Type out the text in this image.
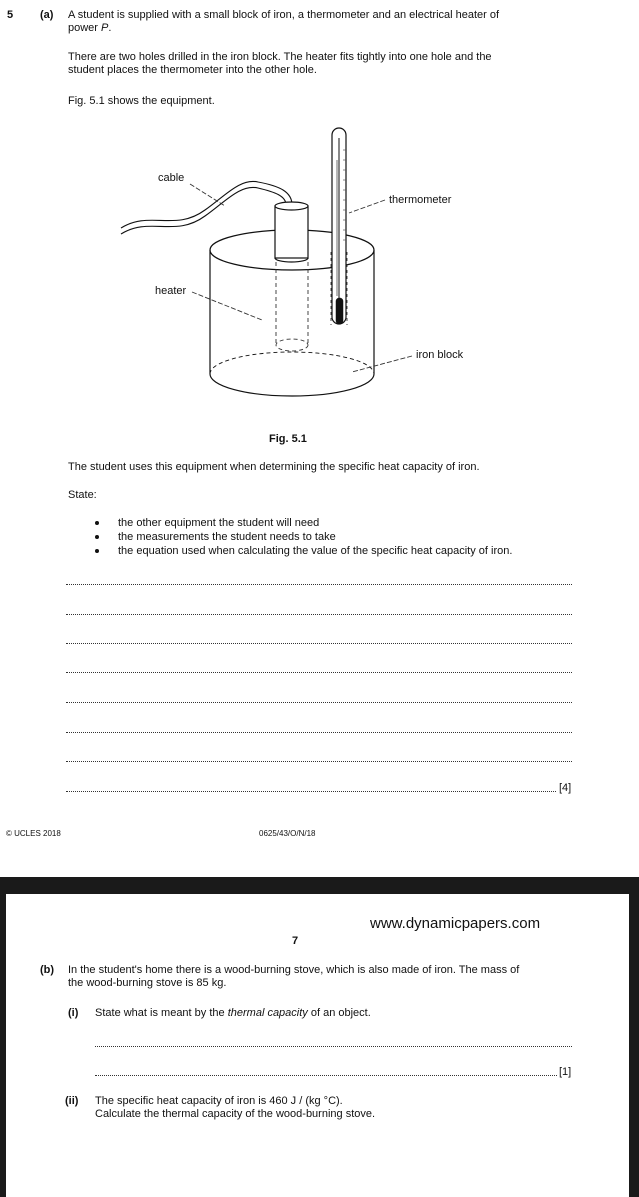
5 (a) A student is supplied with a small block of iron, a thermometer and an electrical heater of
power P.
There are two holes drilled in the iron block. The heater fits tightly into one hole and the
student places the thermometer into the other hole.
Fig. 5.1 shows the equipment.
cable
thermometer
heater
iron block
Fig. 5.1
The student uses this equipment when determining the specific heat capacity of iron.
State:
the other equipment the student will need
the measurements the student needs to take
the equation used when calculating the value of the specific heat capacity of iron.
[4]
© UCLES 2018	0625/43/O/N/18
www.dynamicpapers.com
7
(b) In the student's home there is a wood-burning stove, which is also made of iron. The mass of
the wood-burning stove is 85 kg.
(i) State what is meant by the thermal capacity of an object.
[1]
(ii) The specific heat capacity of iron is 460 J / (kg °C).
Calculate the thermal capacity of the wood-burning stove.
